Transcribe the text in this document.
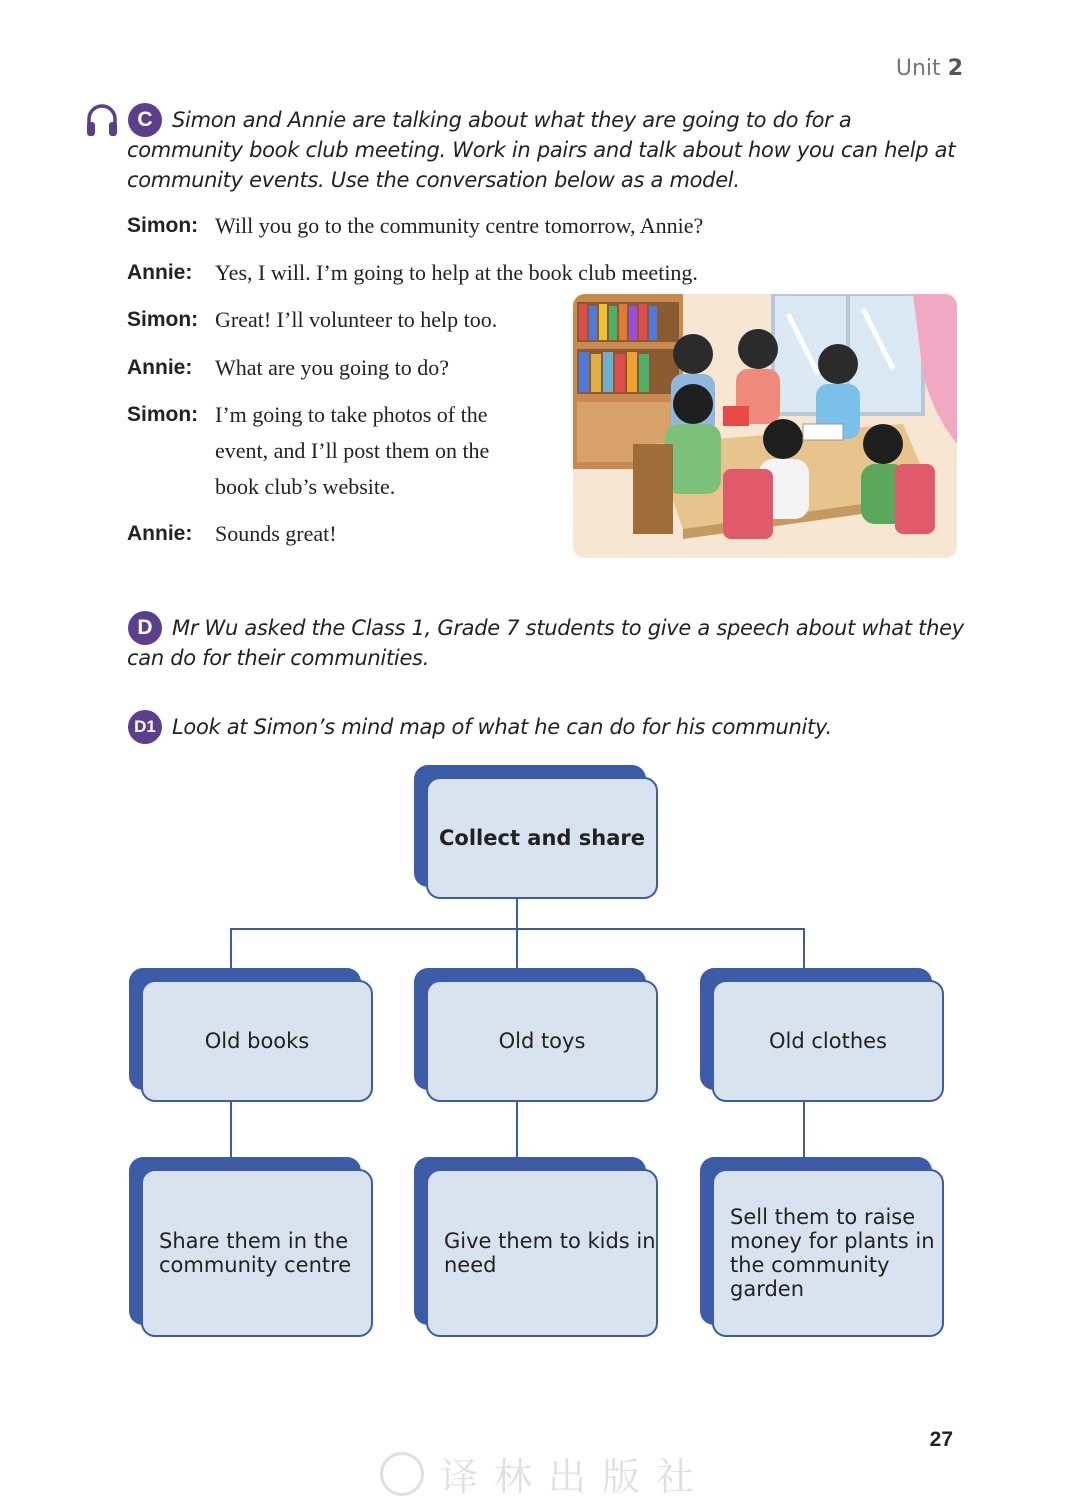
Unit 2
C Simon and Annie are talking about what they are going to do for a community book club meeting. Work in pairs and talk about how you can help at community events. Use the conversation below as a model.
Simon: Will you go to the community centre tomorrow, Annie?
Annie: Yes, I will. I’m going to help at the book club meeting.
Simon: Great! I’ll volunteer to help too.
Annie: What are you going to do?
Simon: I’m going to take photos of the
event, and I’ll post them on the
book club’s website.
Annie: Sounds great!
D Mr Wu asked the Class 1, Grade 7 students to give a speech about what they can do for their communities.
D1 Look at Simon’s mind map of what he can do for his community.
Collect and share
Old books	Old toys	Old clothes
Share them in the community centre
Give them to kids in need
Sell them to raise money for plants in the community garden
27
译林出版社
